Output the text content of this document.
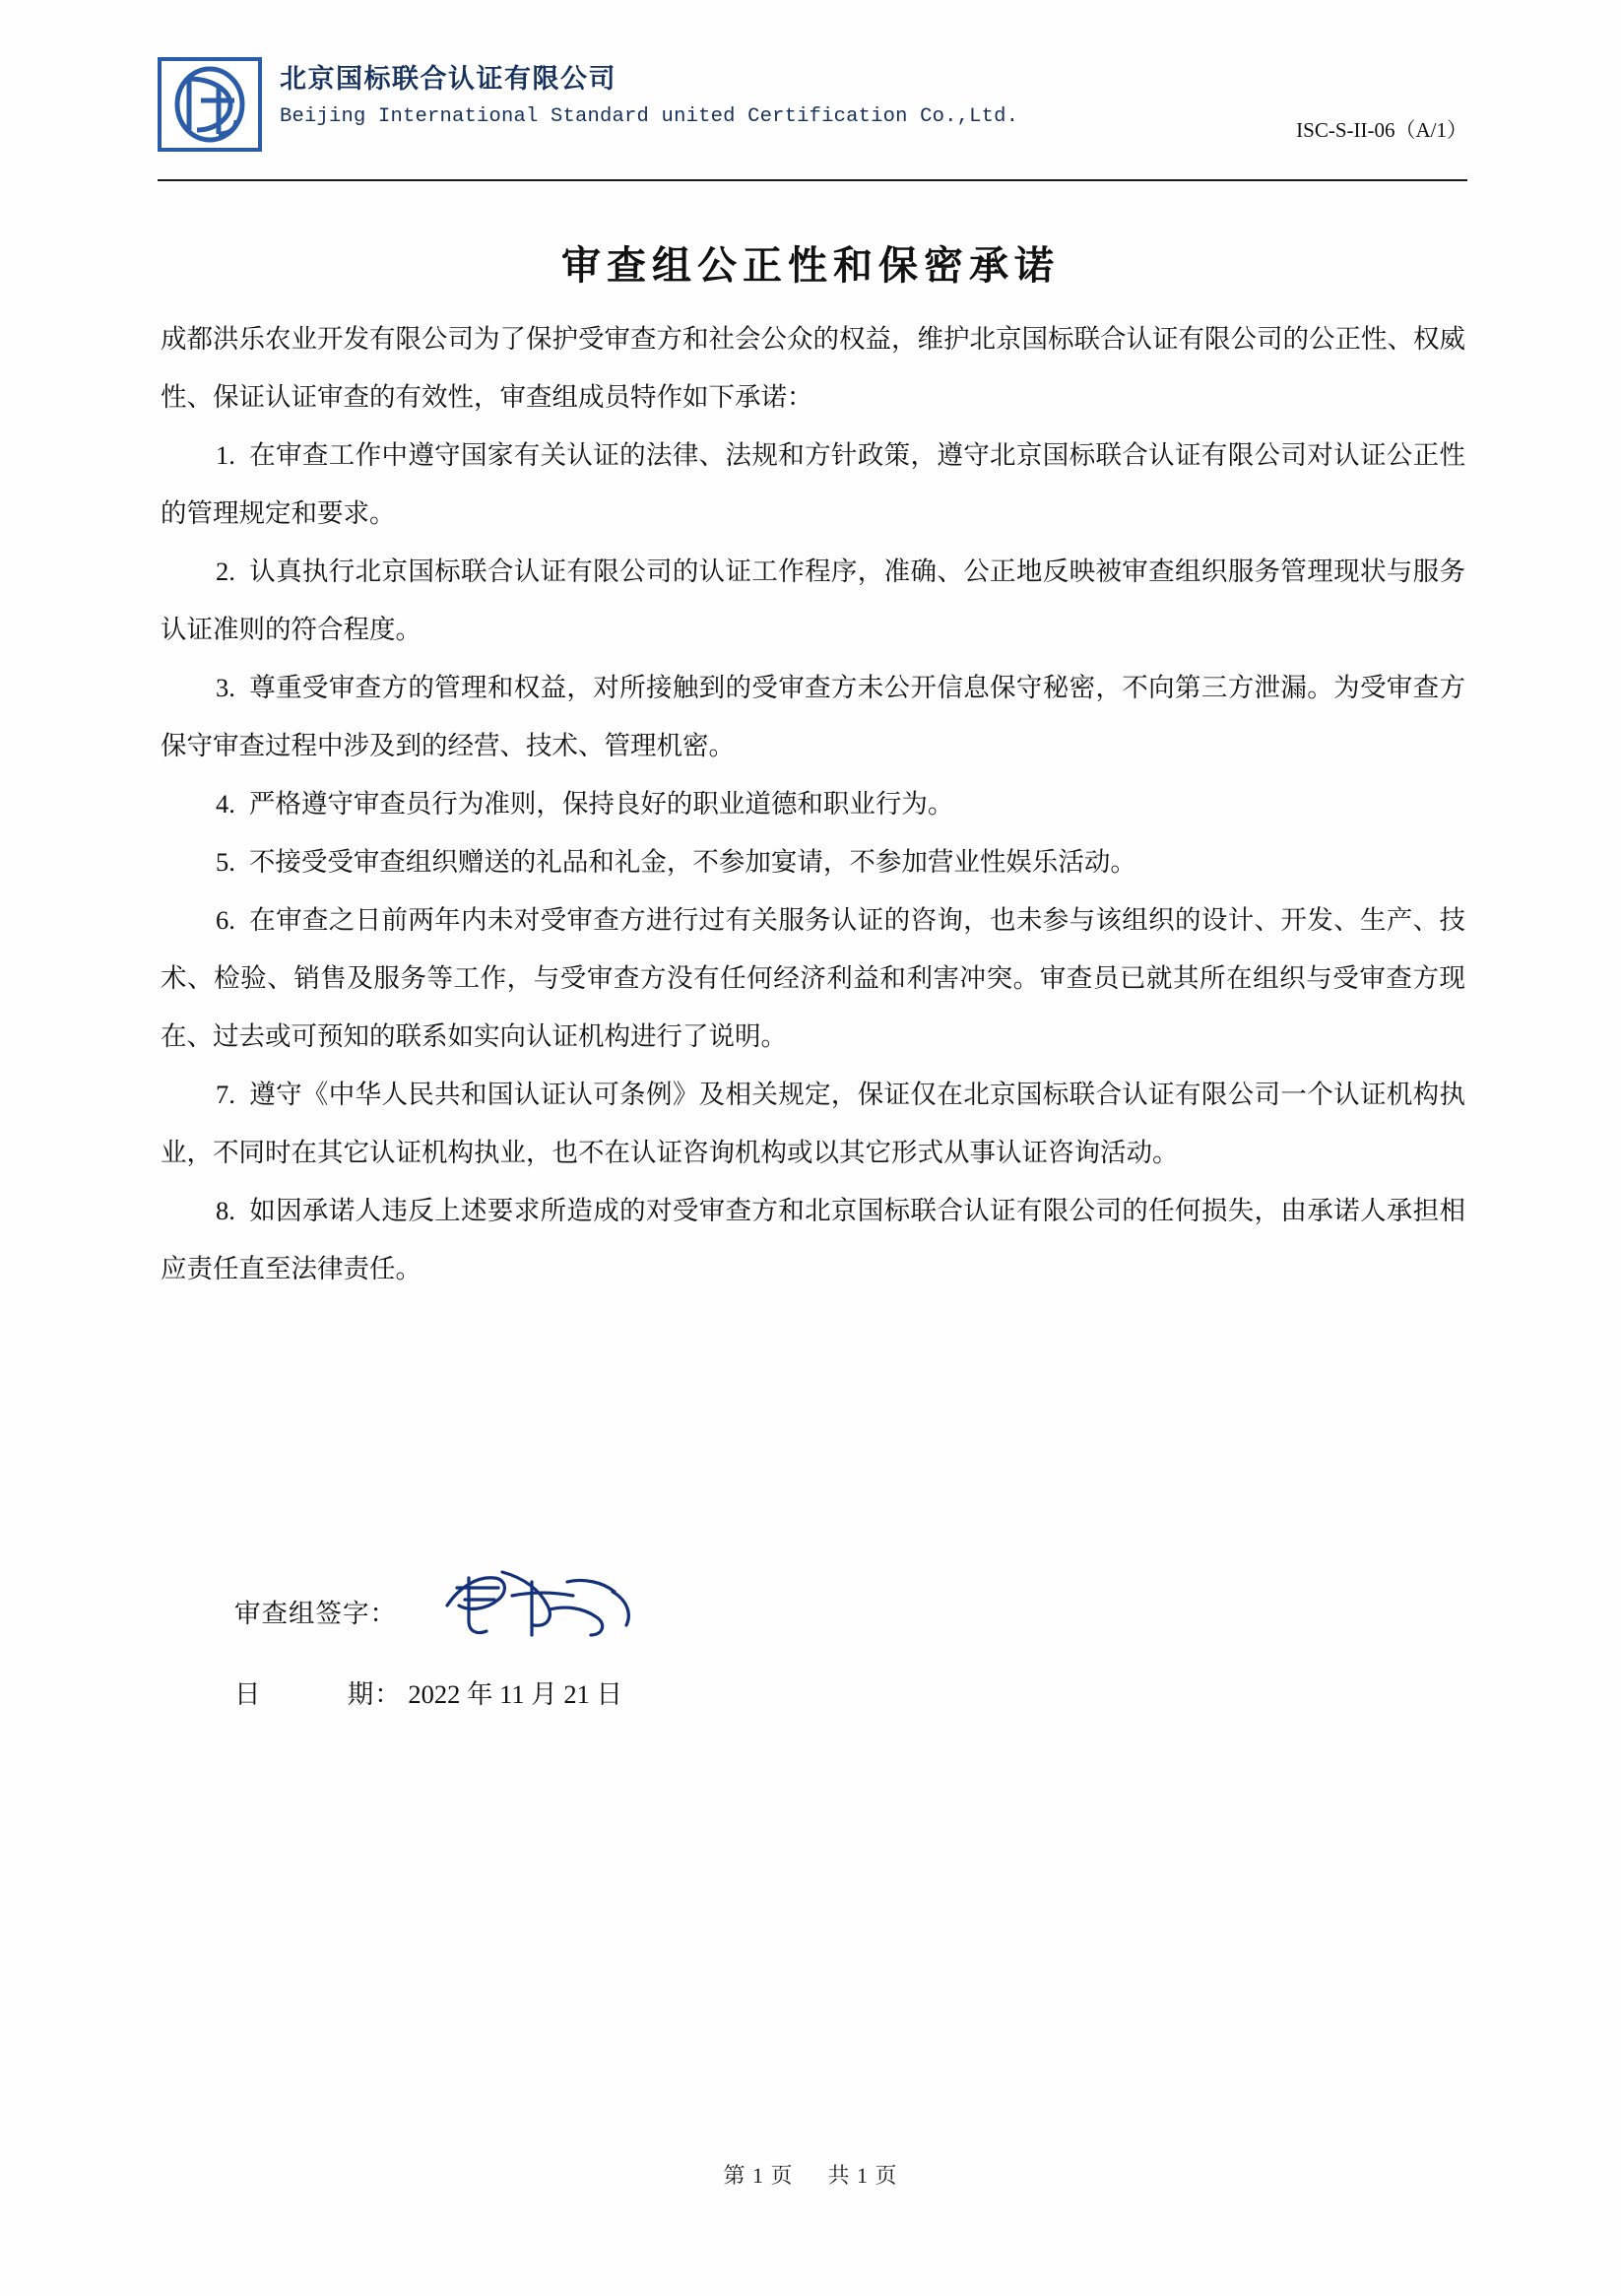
北京国标联合认证有限公司
Beijing International Standard united Certification Co.,Ltd.
ISC-S-II-06（A/1）
审查组公正性和保密承诺

成都洪乐农业开发有限公司为了保护受审查方和社会公众的权益，维护北京国标联合认证有限公司的公正性、权威性、保证认证审查的有效性，审查组成员特作如下承诺：

1. 在审查工作中遵守国家有关认证的法律、法规和方针政策，遵守北京国标联合认证有限公司对认证公正性的管理规定和要求。

2. 认真执行北京国标联合认证有限公司的认证工作程序，准确、公正地反映被审查组织服务管理现状与服务认证准则的符合程度。

3. 尊重受审查方的管理和权益，对所接触到的受审查方未公开信息保守秘密，不向第三方泄漏。为受审查方保守审查过程中涉及到的经营、技术、管理机密。

4. 严格遵守审查员行为准则，保持良好的职业道德和职业行为。

5. 不接受受审查组织赠送的礼品和礼金，不参加宴请，不参加营业性娱乐活动。

6. 在审查之日前两年内未对受审查方进行过有关服务认证的咨询，也未参与该组织的设计、开发、生产、技术、检验、销售及服务等工作，与受审查方没有任何经济利益和利害冲突。审查员已就其所在组织与受审查方现在、过去或可预知的联系如实向认证机构进行了说明。

7. 遵守《中华人民共和国认证认可条例》及相关规定，保证仅在北京国标联合认证有限公司一个认证机构执业，不同时在其它认证机构执业，也不在认证咨询机构或以其它形式从事认证咨询活动。

8. 如因承诺人违反上述要求所造成的对受审查方和北京国标联合认证有限公司的任何损失，由承诺人承担相应责任直至法律责任。

审查组签字：
日	期： 2022 年 11 月 21 日
第 1 页 共 1 页
